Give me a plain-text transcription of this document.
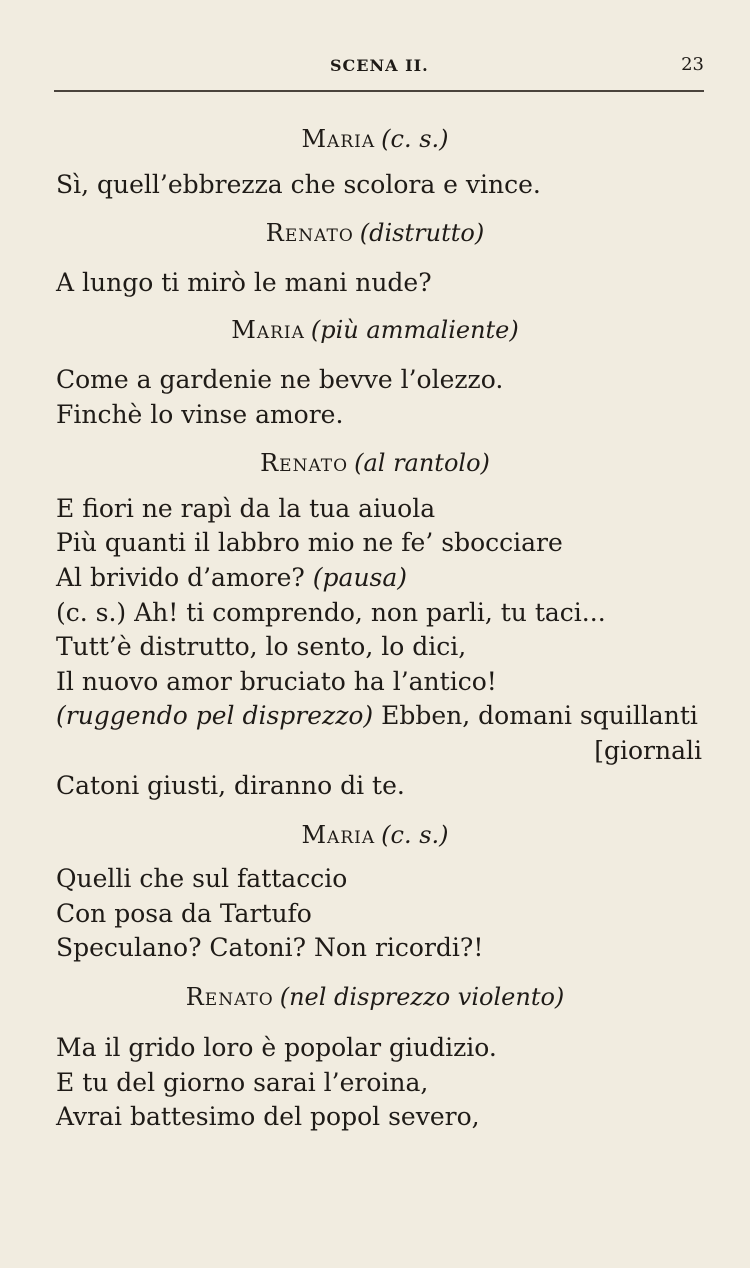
SCENA II.	23
Maria (c. s.)
Sì, quell’ebbrezza che scolora e vince.
Renato (distrutto)
A lungo ti mirò le mani nude?
Maria (più ammaliente)
Come a gardenie ne bevve l’olezzo.
Finchè lo vinse amore.
Renato (al rantolo)
E fiori ne rapì da la tua aiuola
Più quanti il labbro mio ne fe’ sbocciare
Al brivido d’amore? (pausa)
(c. s.) Ah! ti comprendo, non parli, tu taci...
Tutt’è distrutto, lo sento, lo dici,
Il nuovo amor bruciato ha l’antico!
(ruggendo pel disprezzo) Ebben, domani squillanti
[giornali
Catoni giusti, diranno di te.
Maria (c. s.)
Quelli che sul fattaccio
Con posa da Tartufo
Speculano? Catoni? Non ricordi?!
Renato (nel disprezzo violento)
Ma il grido loro è popolar giudizio.
E tu del giorno sarai l’eroina,
Avrai battesimo del popol severo,
